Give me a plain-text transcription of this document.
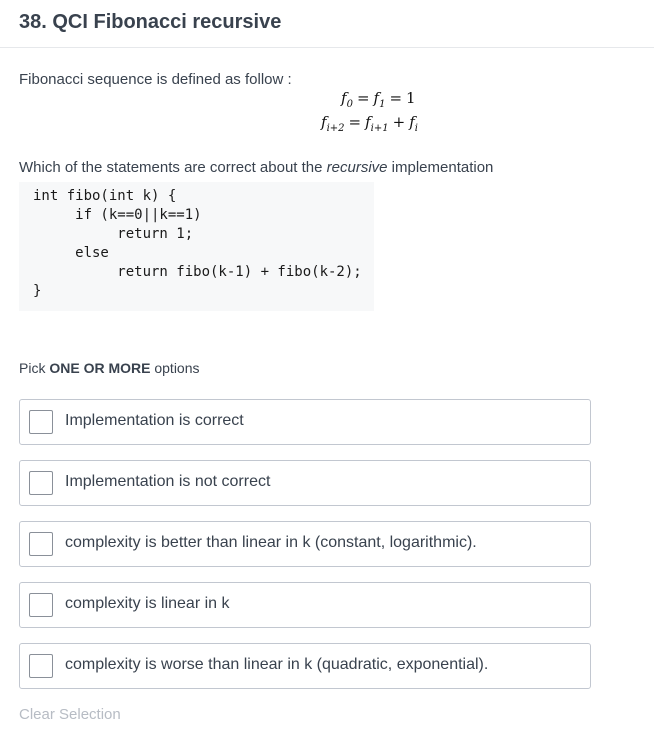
38. QCI Fibonacci recursive
Fibonacci sequence is defined as follow :
$f_0 = f_1 = 1$
$f_{i+2} = f_{i+1} + f_i$
Which of the statements are correct about the recursive implementation
int fibo(int k) {
if (k==0||k==1)
return 1;
else
return fibo(k-1) + fibo(k-2);
}
Pick ONE OR MORE options
Implementation is correct
Implementation is not correct
complexity is better than linear in k (constant, logarithmic).
complexity is linear in k
complexity is worse than linear in k (quadratic, exponential).
Clear Selection
